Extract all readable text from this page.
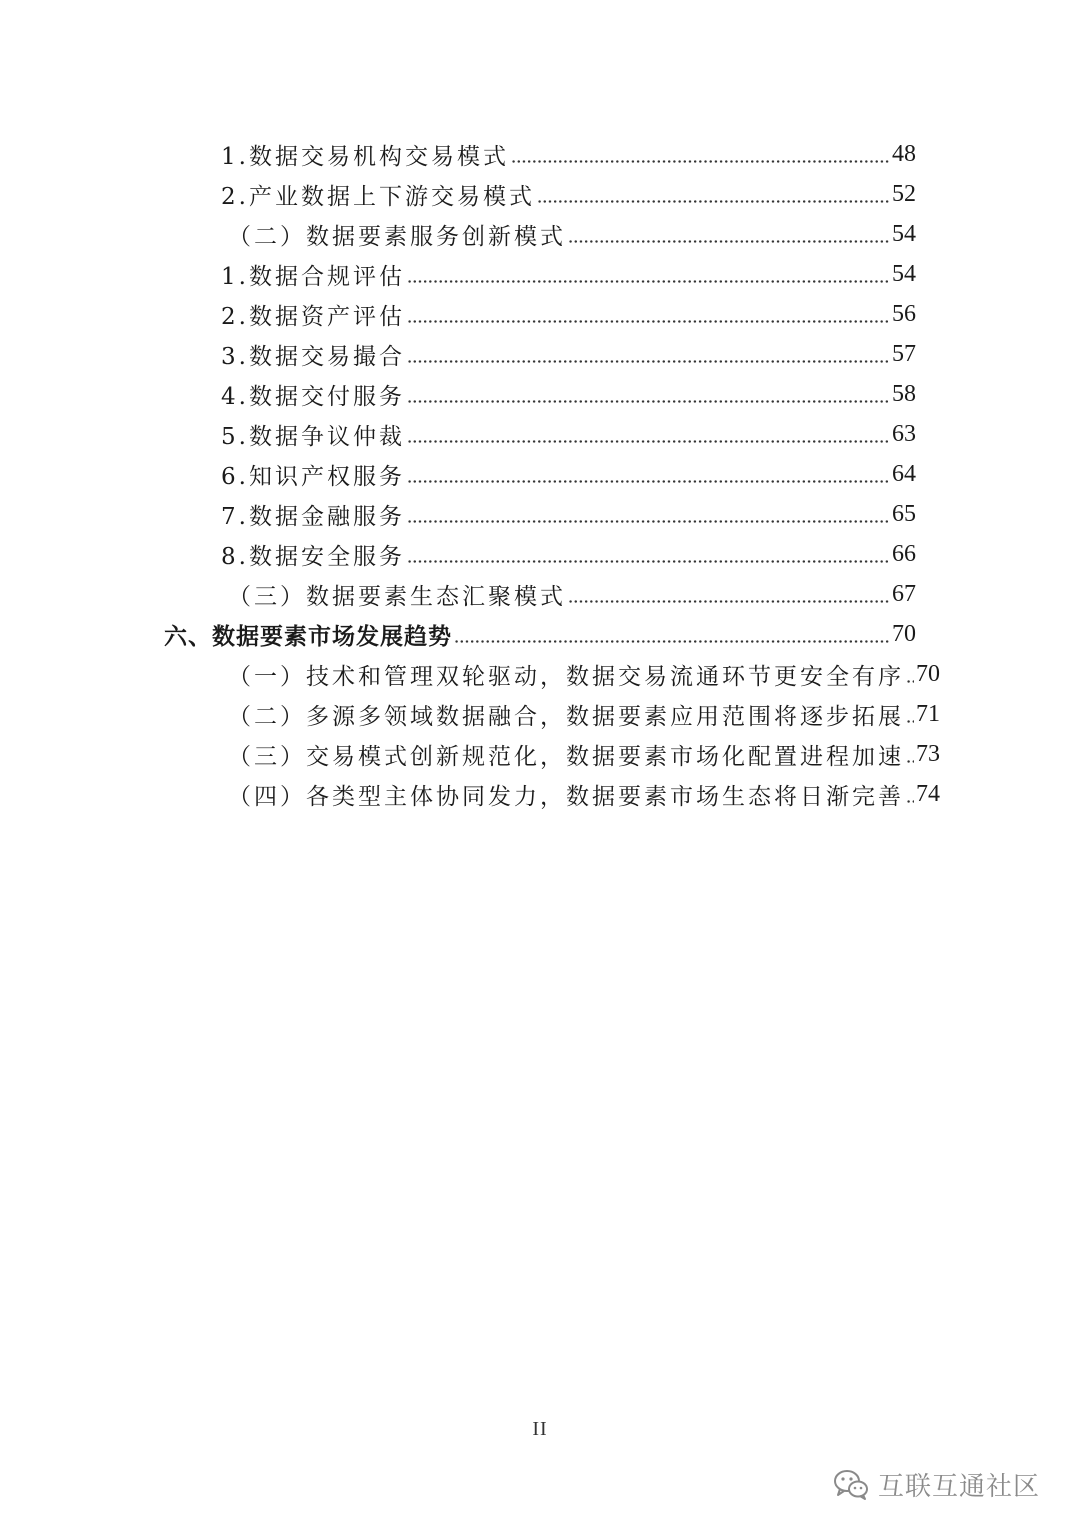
1.数据交易机构交易模式	48
2.产业数据上下游交易模式	52
（二）数据要素服务创新模式	54
1.数据合规评估	54
2.数据资产评估	56
3.数据交易撮合	57
4.数据交付服务	58
5.数据争议仲裁	63
6.知识产权服务	64
7.数据金融服务	65
8.数据安全服务	66
（三）数据要素生态汇聚模式	67
六、数据要素市场发展趋势	70
（一）技术和管理双轮驱动，数据交易流通环节更安全有序 70
（二）多源多领域数据融合，数据要素应用范围将逐步拓展 71
（三）交易模式创新规范化，数据要素市场化配置进程加速 73
（四）各类型主体协同发力，数据要素市场生态将日渐完善 74
II
互联互通社区
